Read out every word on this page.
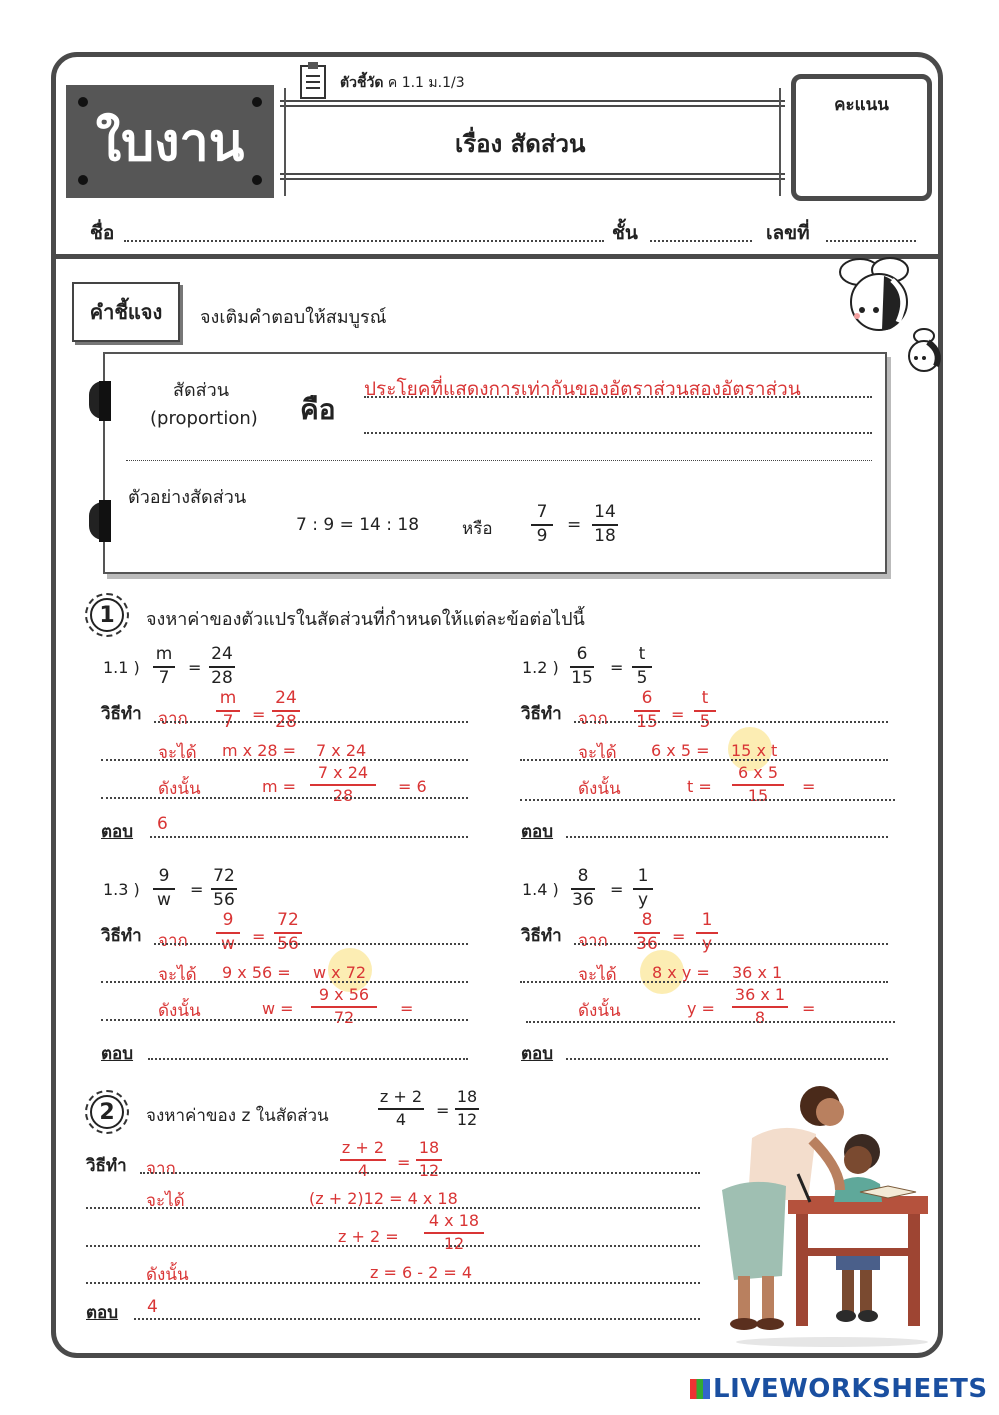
ใบงาน
ตัวชี้วัด ค 1.1 ม.1/3
เรื่อง สัดส่วน
คะแนน
ชื่อ	ชั้น	เลขที่
คำชี้แจง จงเติมคำตอบให้สมบูรณ์
สัดส่วน
(proportion) คือ
ประโยคที่แสดงการเท่ากันของอัตราส่วนสองอัตราส่วน
ตัวอย่างสัดส่วน
7 : 9 = 14 : 18	หรือ
7
9
=
14
18
1 จงหาค่าของตัวแปรในสัดส่วนที่กำหนดให้แต่ละข้อต่อไปนี้
1.1 )
m
7
=
24
28
วิธีทำ จาก
m
7 =
24
28
จะได้ m x 28 = 7 x 24
ดังนั้น	m =
7 x 24
28	= 6
ตอบ 6
1.2 )
6
15
=
t
5
วิธีทำ จาก
6
15 =
t
5
จะได้ 6 x 5 = 15 x t
ดังนั้น	t =
6 x 5
15 =
ตอบ
1.3 )
9
w
=
72
56
วิธีทำ จาก
9
w =
72
56
จะได้ 9 x 56 = w x 72
ดังนั้น	w =
9 x 56
72	=
ตอบ
1.4 )
8
36
=
1
y
วิธีทำ จาก
8
36 =
1
y
จะได้ 8 x y = 36 x 1
ดังนั้น	y =
36 x 1
8 =
ตอบ
2 จงหาค่าของ z ในสัดส่วน
z + 2
4 =
18
12
วิธีทำ จาก
z + 2
4 =
18
12
จะได้	(z + 2)12 = 4 x 18
z + 2 =
4 x 18
12
ดังนั้น	z = 6 - 2 = 4
ตอบ 4
LIVEWORKSHEETS
